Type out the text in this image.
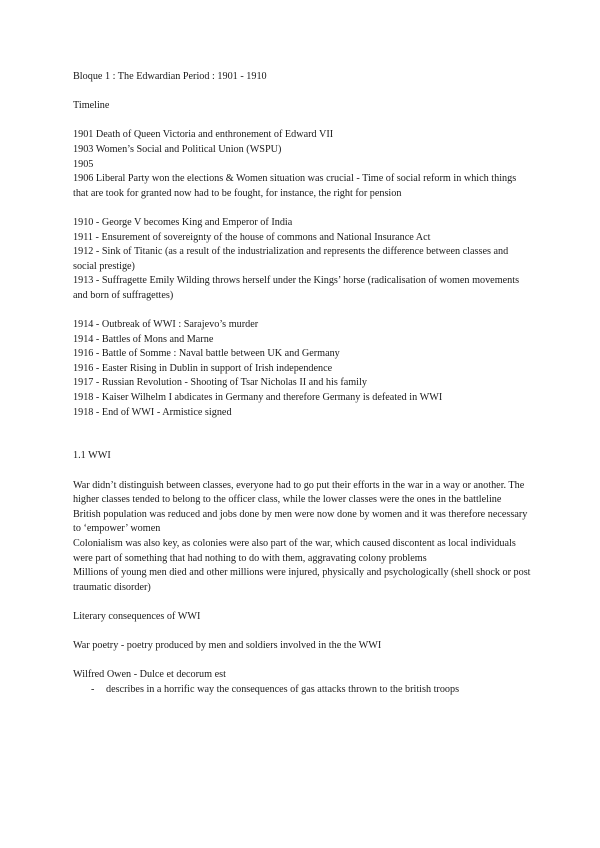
Bloque 1 : The Edwardian Period : 1901 - 1910

Timeline

1901 Death of Queen Victoria and enthronement of Edward VII

1903 Women’s Social and Political Union (WSPU)

1905

1906 Liberal Party won the elections & Women situation was crucial - Time of social reform in which things that are took for granted now had to be fought, for instance, the right for pension

1910 - George V becomes King and Emperor of India

1911 - Ensurement of sovereignty of the house of commons and National Insurance Act

1912 - Sink of Titanic (as a result of the industrialization and represents the difference between classes and social prestige)

1913 - Suffragette Emily Wilding throws herself under the Kings’ horse (radicalisation of women movements and born of suffragettes)

1914 - Outbreak of WWI : Sarajevo’s murder

1914 - Battles of Mons and Marne

1916 - Battle of Somme : Naval battle between UK and Germany

1916 - Easter Rising in Dublin in support of Irish independence

1917 - Russian Revolution - Shooting of Tsar Nicholas II and his family

1918 - Kaiser Wilhelm I abdicates in Germany and therefore Germany is defeated in WWI

1918 - End of WWI - Armistice signed

1.1 WWI

War didn’t distinguish between classes, everyone had to go put their efforts in the war in a way or another. The higher classes tended to belong to the officer class, while the lower classes were the ones in the battleline

British population was reduced and jobs done by men were now done by women and it was therefore necessary to ‘empower’ women

Colonialism was also key, as colonies were also part of the war, which caused discontent as local individuals were part of something that had nothing to do with them, aggravating colony problems

Millions of young men died and other millions were injured, physically and psychologically (shell shock or post traumatic disorder)

Literary consequences of WWI

War poetry - poetry produced by men and soldiers involved in the the WWI

Wilfred Owen - Dulce et decorum est

-	describes in a horrific way the consequences of gas attacks thrown to the british troops
